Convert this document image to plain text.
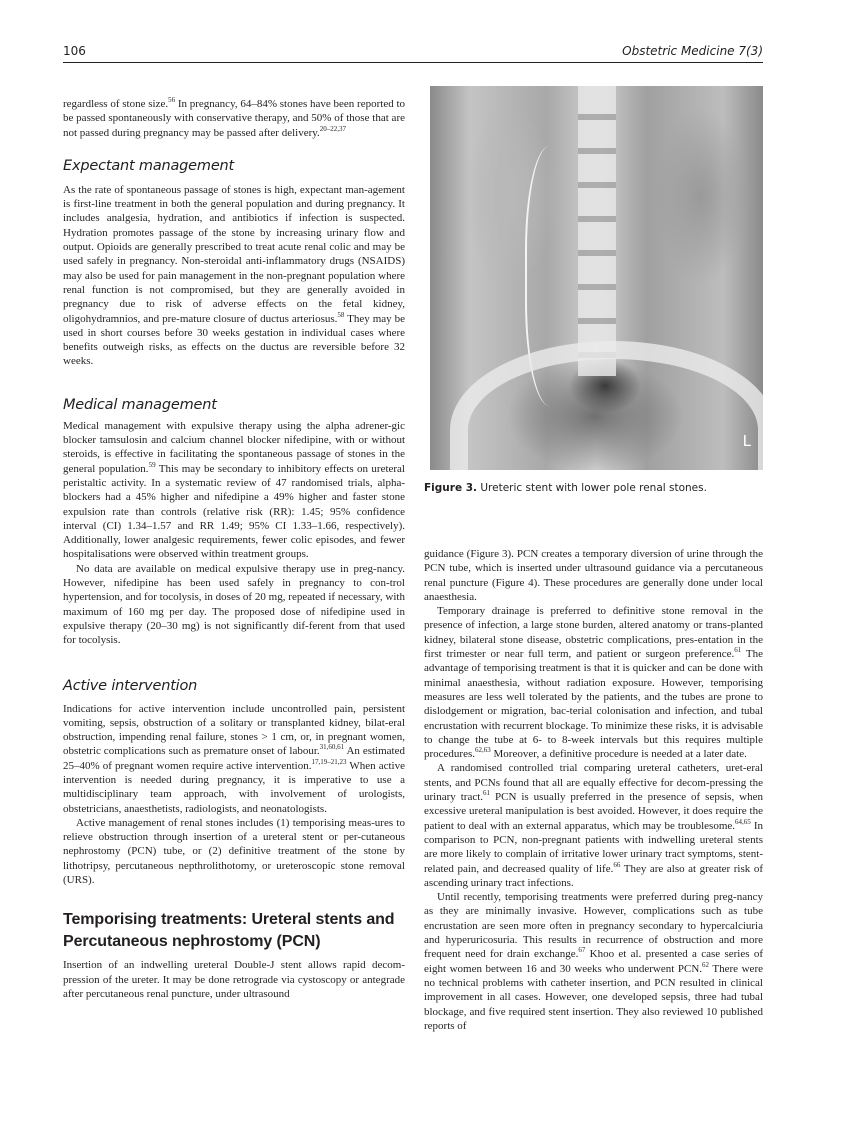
106	Obstetric Medicine 7(3)

regardless of stone size.$^{56}$ In pregnancy, 64–84% stones have been reported to be passed spontaneously with conservative therapy, and 50% of those that are not passed during pregnancy may be passed after delivery.$^{20-22,37}$

Expectant management

As the rate of spontaneous passage of stones is high, expectant man-agement is first-line treatment in both the general population and during pregnancy. It includes analgesia, hydration, and antibiotics if infection is suspected. Hydration promotes passage of the stone by increasing urinary flow and output. Opioids are generally prescribed to treat acute renal colic and may be used safely in pregnancy. Non-steroidal anti-inflammatory drugs (NSAIDS) may also be used for pain management in the non-pregnant population where renal function is not compromised, but they are generally avoided in pregnancy due to risk of adverse effects on the fetal kidney, oligohydramnios, and pre-mature closure of ductus arteriosus.$^{58}$ They may be used in short courses before 30 weeks gestation in individual cases where benefits outweigh risks, as effects on the ductus are reversible before 32 weeks.

Medical management

Medical management with expulsive therapy using the alpha adrener-gic blocker tamsulosin and calcium channel blocker nifedipine, with or without steroids, is effective in facilitating the spontaneous passage of stones in the general population.$^{59}$ This may be secondary to inhibitory effects on ureteral peristaltic activity. In a systematic review of 47 randomised trials, alpha-blockers had a 45% higher and nifedipine a 49% higher and faster stone expulsion rate than controls (relative risk (RR): 1.45; 95% confidence interval (CI) 1.34–1.57 and RR 1.49; 95% CI 1.33–1.66, respectively). Additionally, lower analgesic requirements, fewer colic episodes, and fewer hospitalisations were observed within treatment groups.

No data are available on medical expulsive therapy use in preg-nancy. However, nifedipine has been used safely in pregnancy to con-trol hypertension, and for tocolysis, in doses of 20 mg, repeated if necessary, with maximum of 160 mg per day. The proposed dose of nifedipine used in expulsive therapy (20–30 mg) is not significantly dif-ferent from that used for tocolysis.

Active intervention

Indications for active intervention include uncontrolled pain, persistent vomiting, sepsis, obstruction of a solitary or transplanted kidney, bilat-eral obstruction, impending renal failure, stones > 1 cm, or, in pregnant women, obstetric complications such as premature onset of labour.$^{31,60,61}$ An estimated 25–40% of pregnant women require active intervention.$^{17,19-21,23}$ When active intervention is needed during pregnancy, it is imperative to use a multidisciplinary team approach, with involvement of urologists, obstetricians, anaesthetists, radiologists, and neonatologists.

Active management of renal stones includes (1) temporising meas-ures to relieve obstruction through insertion of a ureteral stent or per-cutaneous nephrostomy (PCN) tube, or (2) definitive treatment of the stone by lithotripsy, percutaneous nepthrolithotomy, or ureteroscopic stone removal (URS).

Temporising treatments: Ureteral stents and Percutaneous nephrostomy (PCN)

Insertion of an indwelling ureteral Double-J stent allows rapid decom-pression of the ureter. It may be done retrograde via cystoscopy or antegrade after percutaneous renal puncture, under ultrasound

L
Figure 3. Ureteric stent with lower pole renal stones.

guidance (Figure 3). PCN creates a temporary diversion of urine through the PCN tube, which is inserted under ultrasound guidance via a percutaneous renal puncture (Figure 4). These procedures are generally done under local anaesthesia.

Temporary drainage is preferred to definitive stone removal in the presence of infection, a large stone burden, altered anatomy or trans-planted kidney, bilateral stone disease, obstetric complications, pres-entation in the first trimester or near full term, and patient or surgeon preference.$^{61}$ The advantage of temporising treatment is that it is quicker and can be done with minimal anaesthesia, without radiation exposure. However, temporising measures are less well tolerated by the patients, and the tubes are prone to dislodgement or migration, bac-terial colonisation and infection, and tubal encrustation with recurrent blockage. To minimize these risks, it is advisable to change the tube at 6- to 8-week intervals but this requires multiple procedures.$^{62,63}$ Moreover, a definitive procedure is needed at a later date.

A randomised controlled trial comparing ureteral catheters, uret-eral stents, and PCNs found that all are equally effective for decom-pressing the urinary tract.$^{61}$ PCN is usually preferred in the presence of sepsis, when excessive ureteral manipulation is best avoided. However, it does require the patient to deal with an external apparatus, which may be troublesome.$^{64,65}$ In comparison to PCN, non-pregnant patients with indwelling ureteral stents are more likely to complain of irritative lower urinary tract symptoms, stent-related pain, and decreased quality of life.$^{66}$ They are also at greater risk of ascending urinary tract infections.

Until recently, temporising treatments were preferred during preg-nancy as they are minimally invasive. However, complications such as tube encrustation are seen more often in pregnancy secondary to hypercalciuria and hyperuricosuria. This results in recurrence of obstruction and more frequent need for drain exchange.$^{67}$ Khoo et al. presented a case series of eight women between 16 and 30 weeks who underwent PCN.$^{62}$ There were no technical problems with catheter insertion, and PCN resulted in clinical improvement in all cases. However, one developed sepsis, three had tubal blockage, and five required stent insertion. They also reviewed 10 published reports of
